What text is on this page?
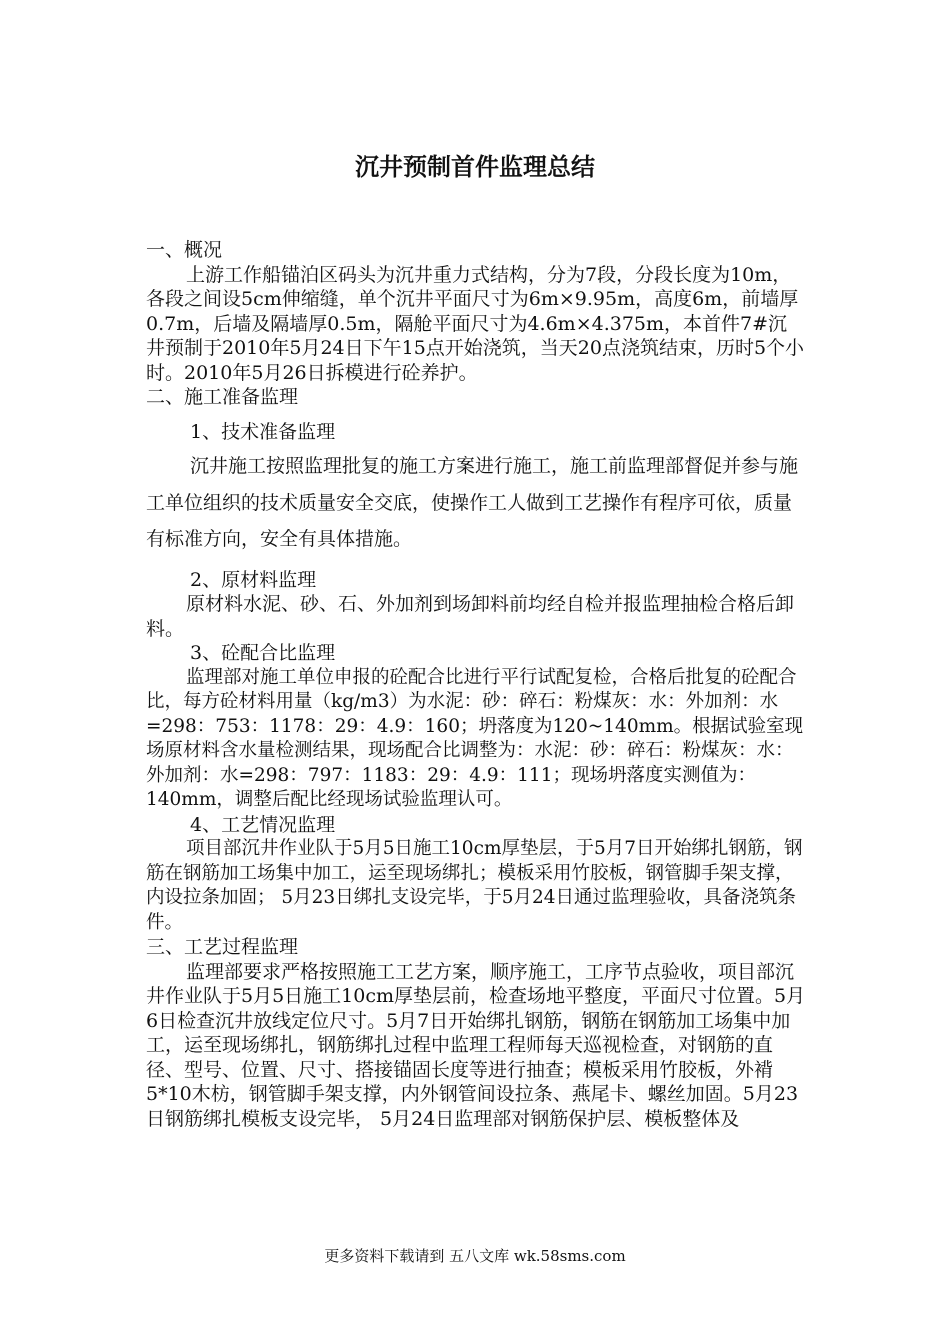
沉井预制首件监理总结

一、概况

上游工作船锚泊区码头为沉井重力式结构，分为7段，分段长度为10m，各段之间设5cm伸缩缝，单个沉井平面尺寸为6m×9.95m，高度6m，前墙厚0.7m，后墙及隔墙厚0.5m，隔舱平面尺寸为4.6m×4.375m，本首件7#沉井预制于2010年5月24日下午15点开始浇筑，当天20点浇筑结束，历时5个小时。2010年5月26日拆模进行砼养护。

二、施工准备监理

1、技术准备监理

沉井施工按照监理批复的施工方案进行施工，施工前监理部督促并参与施工单位组织的技术质量安全交底，使操作工人做到工艺操作有程序可依，质量有标准方向，安全有具体措施。

2、原材料监理

原材料水泥、砂、石、外加剂到场卸料前均经自检并报监理抽检合格后卸料。

3、砼配合比监理

监理部对施工单位申报的砼配合比进行平行试配复检，合格后批复的砼配合比，每方砼材料用量（kg/m3）为水泥：砂：碎石：粉煤灰：水：外加剂：水=298：753：1178：29：4.9：160；坍落度为120~140mm。根据试验室现场原材料含水量检测结果，现场配合比调整为：水泥：砂：碎石：粉煤灰：水：外加剂：水=298：797：1183：29：4.9：111；现场坍落度实测值为：140mm，调整后配比经现场试验监理认可。

4、工艺情况监理

项目部沉井作业队于5月5日施工10cm厚垫层，于5月7日开始绑扎钢筋，钢筋在钢筋加工场集中加工，运至现场绑扎；模板采用竹胶板，钢管脚手架支撑，内设拉条加固； 5月23日绑扎支设完毕，于5月24日通过监理验收，具备浇筑条件。

三、工艺过程监理

监理部要求严格按照施工工艺方案，顺序施工，工序节点验收，项目部沉井作业队于5月5日施工10cm厚垫层前，检查场地平整度，平面尺寸位置。5月6日检查沉井放线定位尺寸。5月7日开始绑扎钢筋，钢筋在钢筋加工场集中加工，运至现场绑扎，钢筋绑扎过程中监理工程师每天巡视检查，对钢筋的直径、型号、位置、尺寸、搭接锚固长度等进行抽查；模板采用竹胶板，外褙5*10木枋，钢管脚手架支撑，内外钢管间设拉条、燕尾卡、螺丝加固。5月23日钢筋绑扎模板支设完毕， 5月24日监理部对钢筋保护层、模板整体及

更多资料下载请到 五八文库 wk.58sms.com
